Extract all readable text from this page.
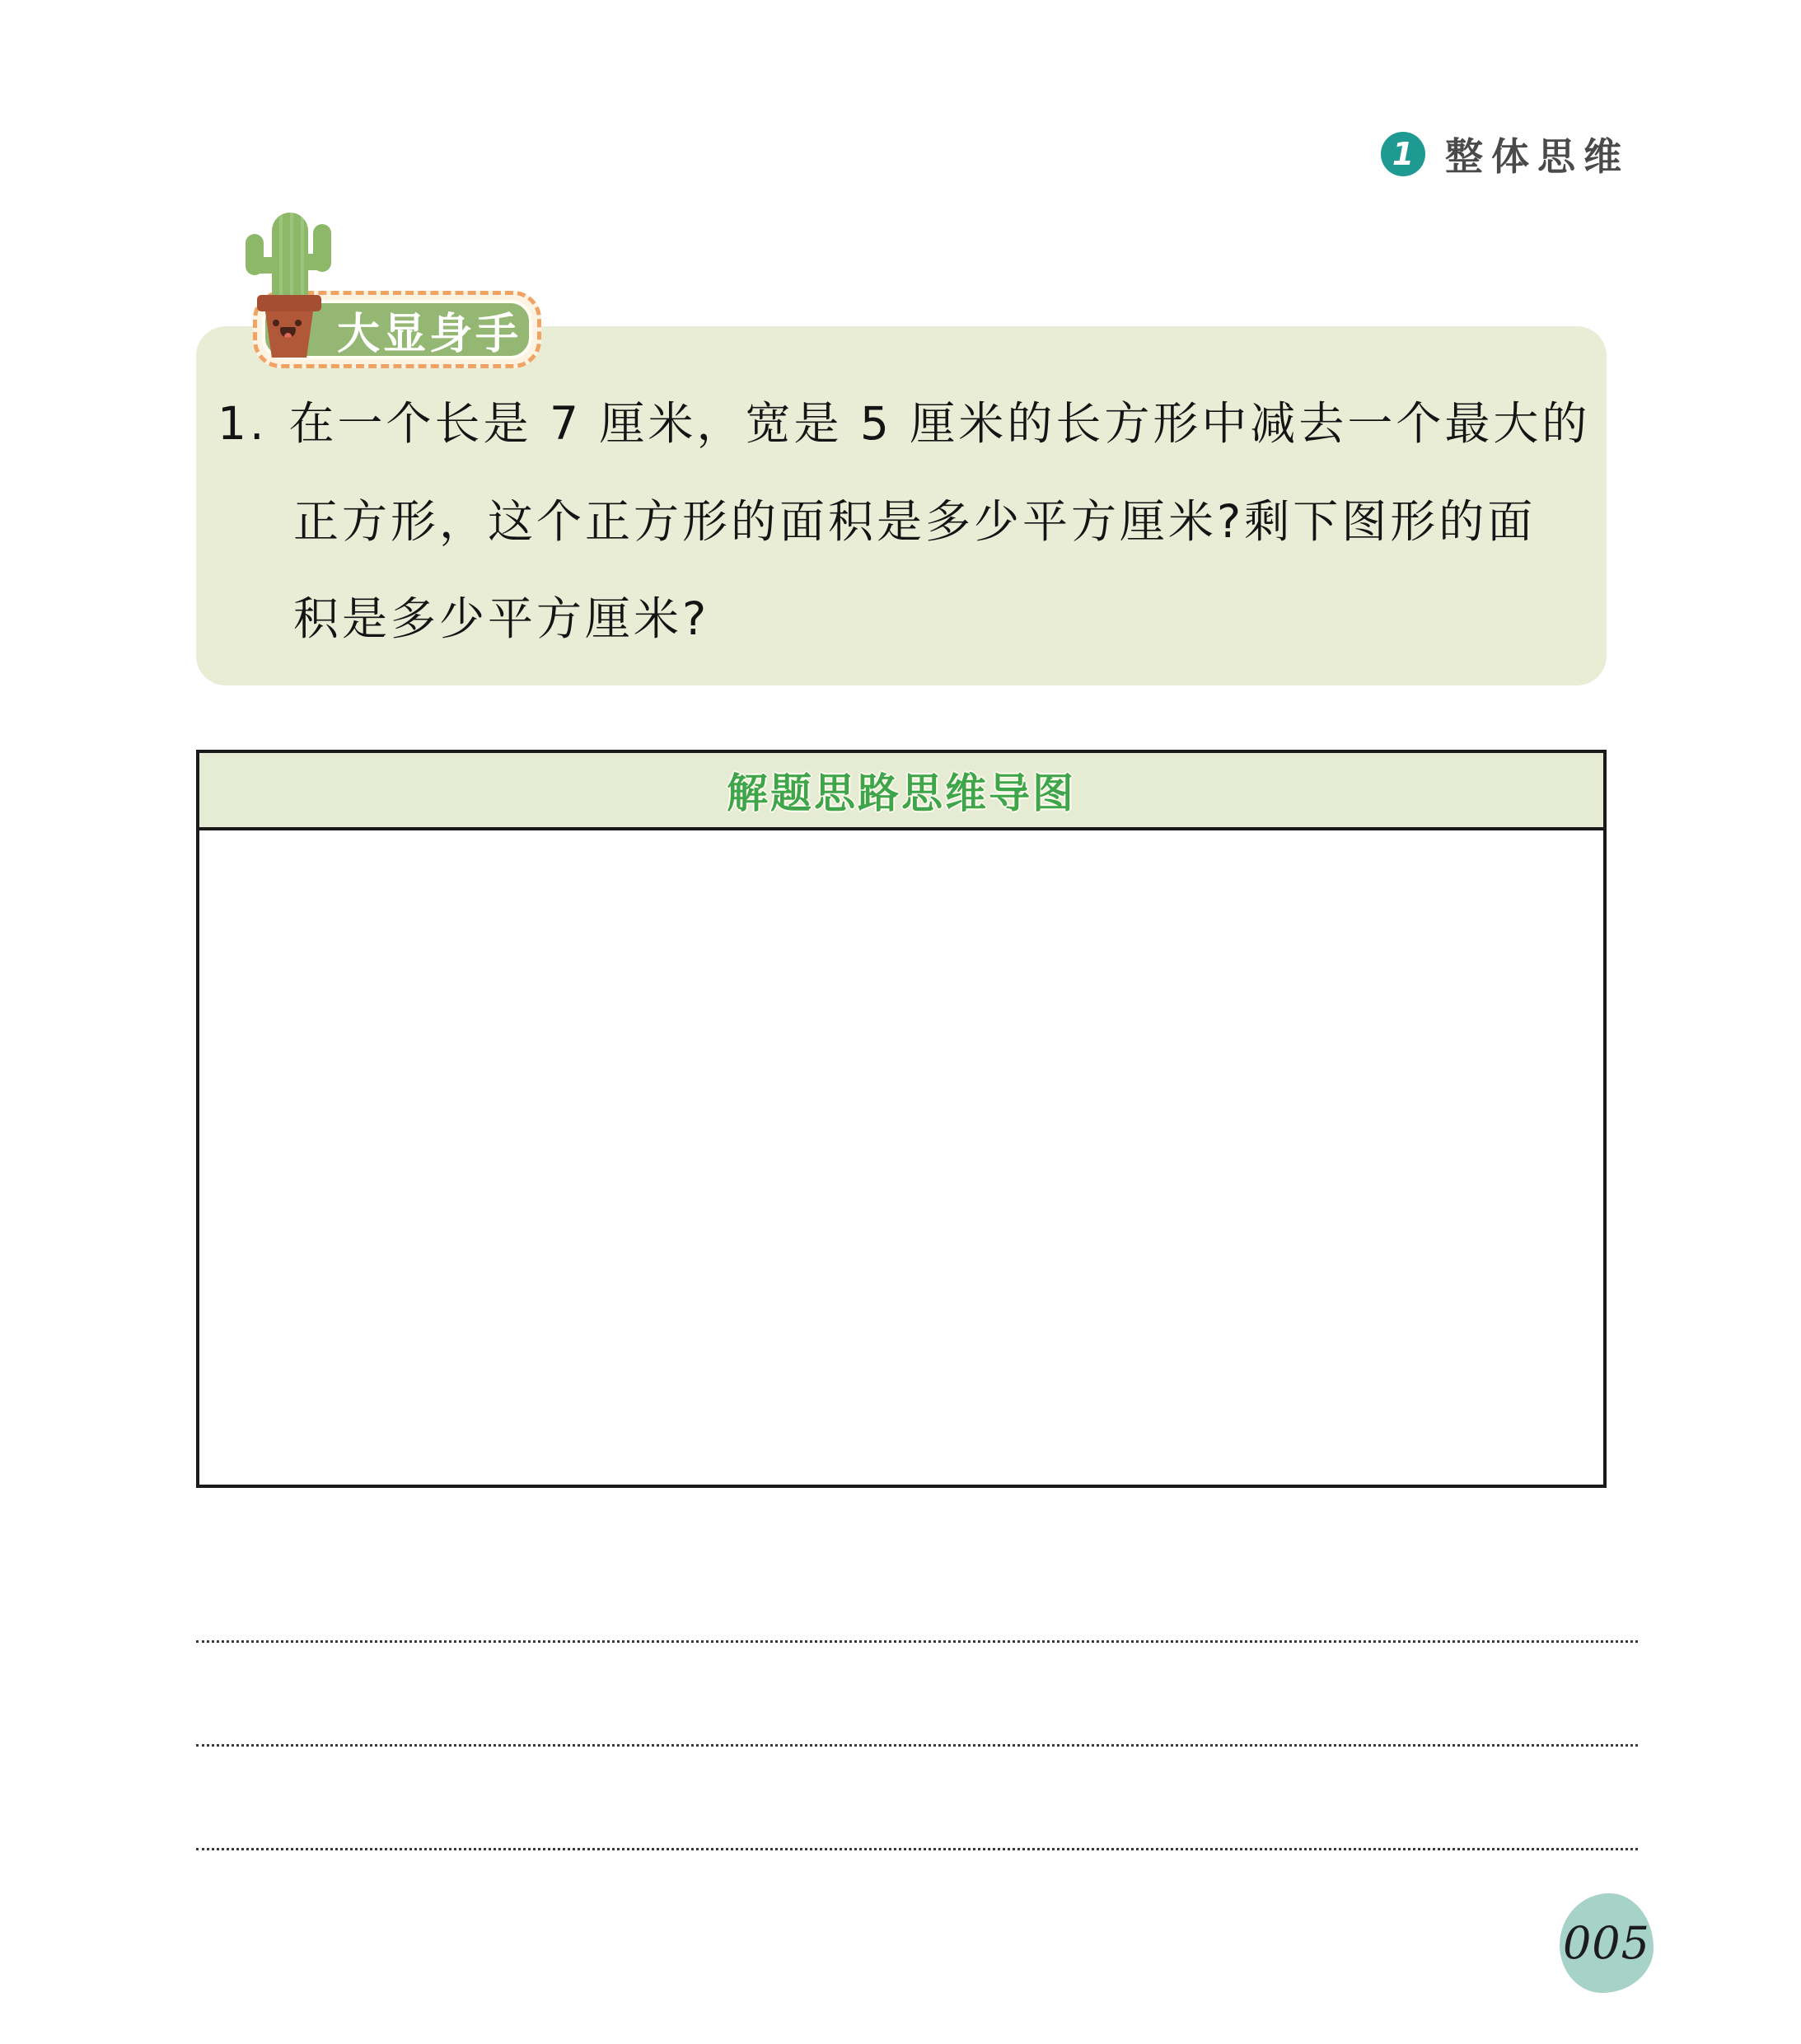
1 整体思维
1. 在一个长是 7 厘米，宽是 5 厘米的长方形中减去一个最大的
正方形，这个正方形的面积是多少平方厘米?剩下图形的面
积是多少平方厘米?
大显身手
解题思路思维导图
005
